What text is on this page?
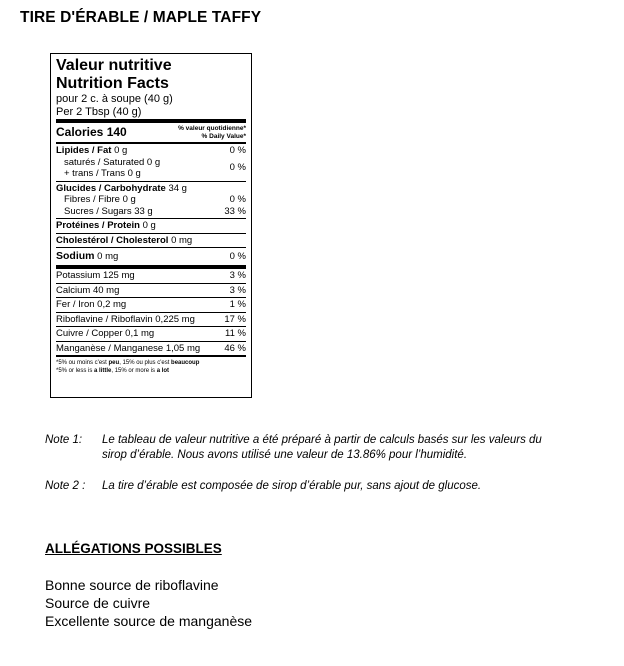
TIRE D'ÉRABLE / MAPLE TAFFY
Valeur nutritive
Nutrition Facts
pour 2 c. à soupe (40 g)
Per 2 Tbsp (40 g)
Calories 140	% valeur quotidienne*
% Daily Value*
Lipides / Fat 0 g	0 %
saturés / Saturated 0 g
+ trans / Trans 0 g
0 %
Glucides / Carbohydrate 34 g
Fibres / Fibre 0 g	0 %
Sucres / Sugars 33 g	33 %
Protéines / Protein 0 g
Cholestérol / Cholesterol 0 mg
Sodium 0 mg	0 %
Potassium 125 mg	3 %
Calcium 40 mg	3 %
Fer / Iron 0,2 mg	1 %
Riboflavine / Riboflavin 0,225 mg	17 %
Cuivre / Copper 0,1 mg	11 %
Manganèse / Manganese 1,05 mg	46 %
*5% ou moins c'est peu, 15% ou plus c'est beaucoup
*5% or less is a little, 15% or more is a lot
Note 1: Le tableau de valeur nutritive a été préparé à partir de calculs basés sur les valeurs du
sirop d’érable. Nous avons utilisé une valeur de 13.86% pour l’humidité.
Note 2 : La tire d’érable est composée de sirop d’érable pur, sans ajout de glucose.
ALLÉGATIONS POSSIBLES
Bonne source de riboflavine
Source de cuivre
Excellente source de manganèse
